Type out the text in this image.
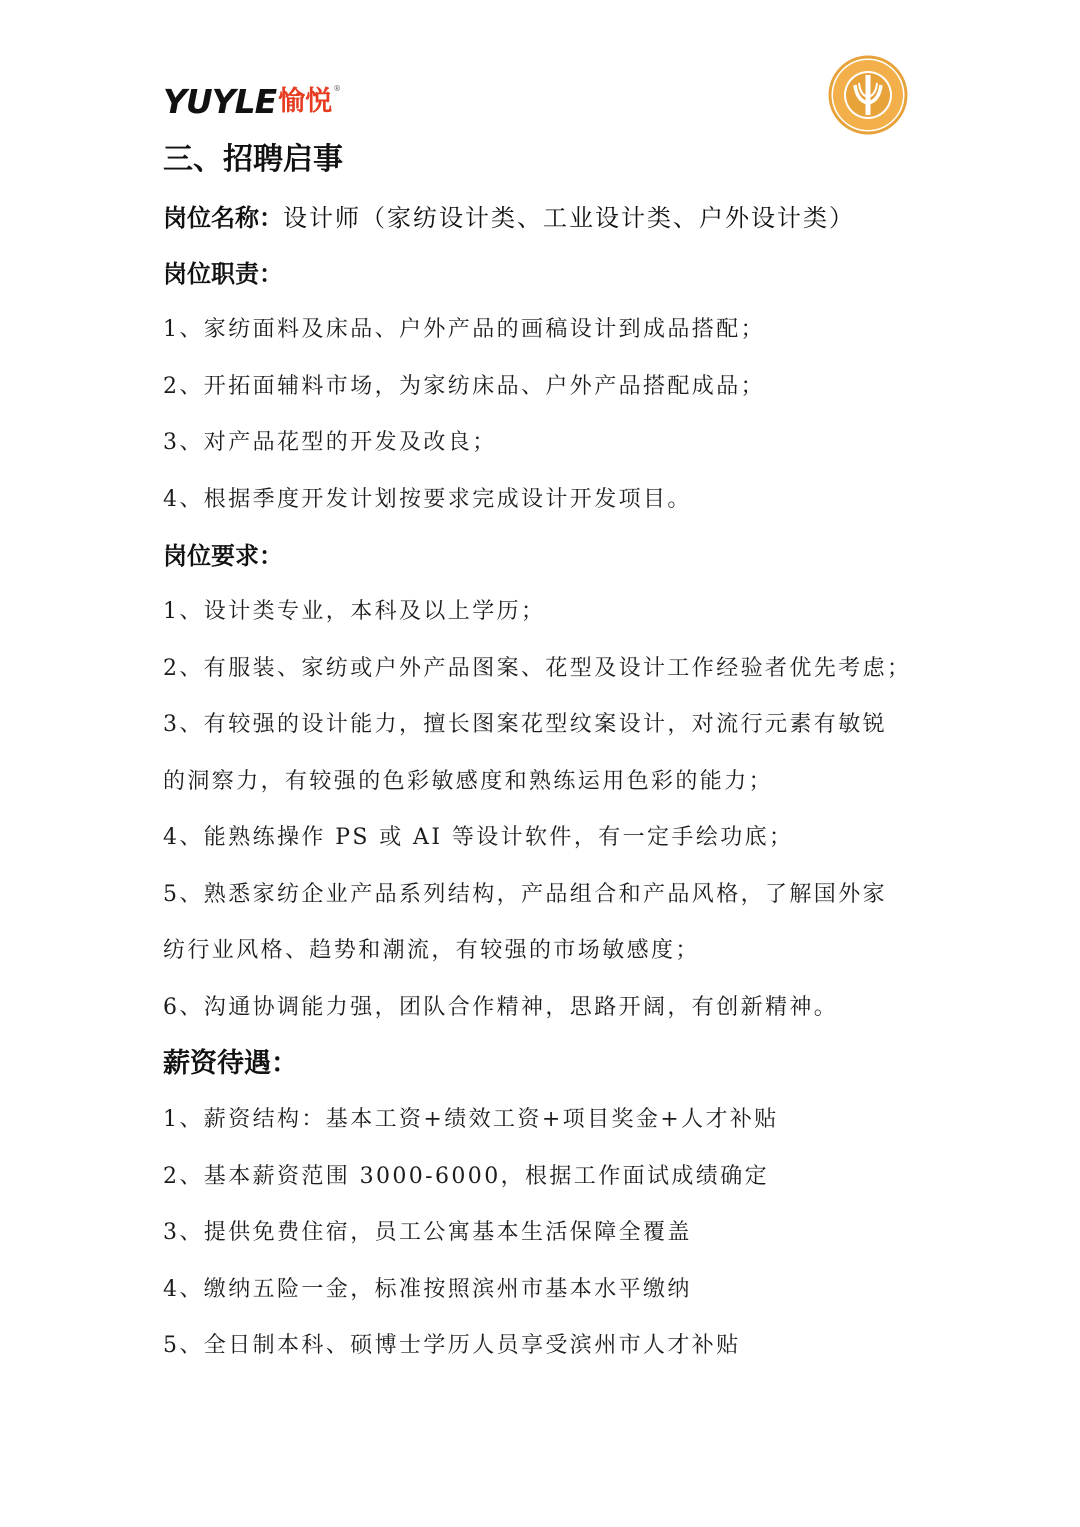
YUYLE 愉悦 ®
三、招聘启事
岗位名称：设计师（家纺设计类、工业设计类、户外设计类）
岗位职责：
1、家纺面料及床品、户外产品的画稿设计到成品搭配；
2、开拓面辅料市场，为家纺床品、户外产品搭配成品；
3、对产品花型的开发及改良；
4、根据季度开发计划按要求完成设计开发项目。
岗位要求：
1、设计类专业，本科及以上学历；
2、有服装、家纺或户外产品图案、花型及设计工作经验者优先考虑；
3、有较强的设计能力，擅长图案花型纹案设计，对流行元素有敏锐
的洞察力，有较强的色彩敏感度和熟练运用色彩的能力；
4、能熟练操作 PS 或 AI 等设计软件，有一定手绘功底；
5、熟悉家纺企业产品系列结构，产品组合和产品风格，了解国外家
纺行业风格、趋势和潮流，有较强的市场敏感度；
6、沟通协调能力强，团队合作精神，思路开阔，有创新精神。
薪资待遇：
1、薪资结构：基本工资+绩效工资+项目奖金+人才补贴
2、基本薪资范围 3000-6000，根据工作面试成绩确定
3、提供免费住宿，员工公寓基本生活保障全覆盖
4、缴纳五险一金，标准按照滨州市基本水平缴纳
5、全日制本科、硕博士学历人员享受滨州市人才补贴
